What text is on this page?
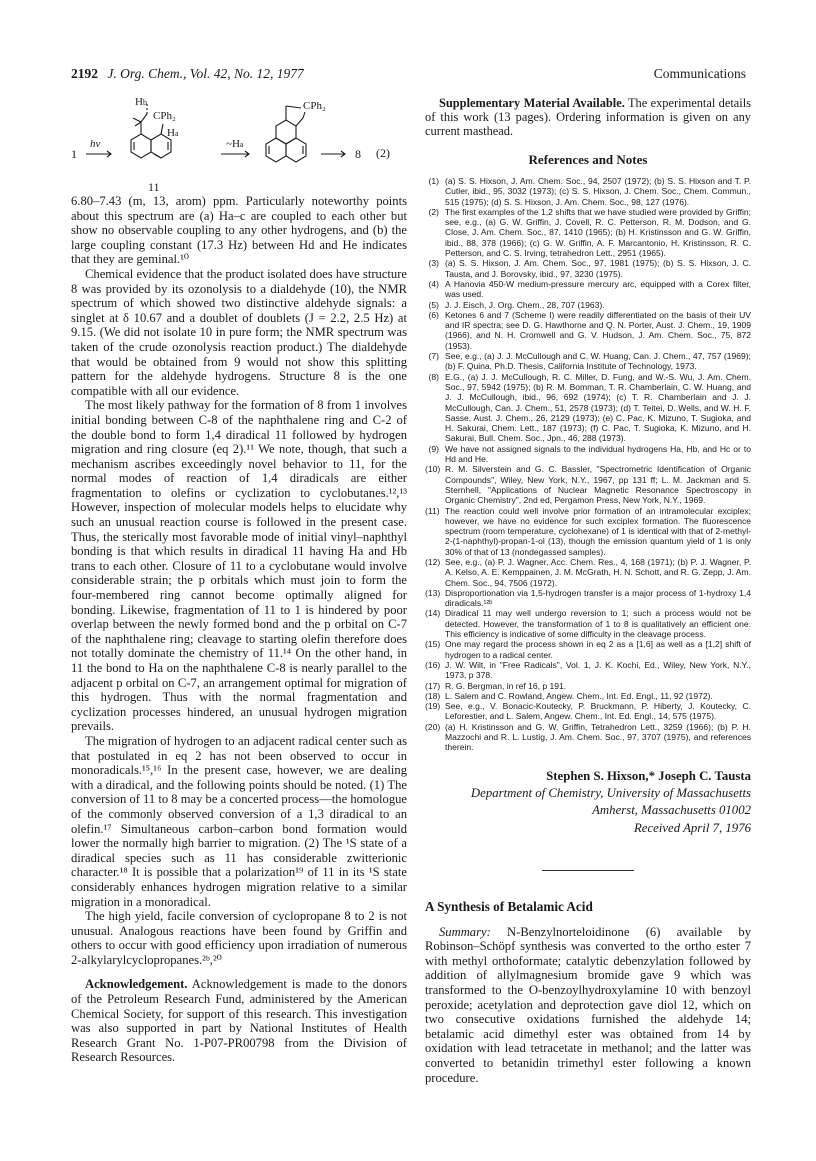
2192 J. Org. Chem., Vol. 42, No. 12, 1977	Communications
1
hν
Hb
CPh₂
Ha
~Ha
CPh₂
8 (2)
11

6.80–7.43 (m, 13, arom) ppm. Particularly noteworthy points about this spectrum are (a) Ha–c are coupled to each other but show no observable coupling to any other hydrogens, and (b) the large coupling constant (17.3 Hz) between Hd and He indicates that they are geminal.¹⁰

Chemical evidence that the product isolated does have structure 8 was provided by its ozonolysis to a dialdehyde (10), the NMR spectrum of which showed two distinctive aldehyde signals: a singlet at δ 10.67 and a doublet of doublets (J = 2.2, 2.5 Hz) at 9.15. (We did not isolate 10 in pure form; the NMR spectrum was taken of the crude ozonolysis reaction product.) The dialdehyde that would be obtained from 9 would not show this splitting pattern for the aldehyde hydrogens. Structure 8 is the one compatible with all our evidence.

The most likely pathway for the formation of 8 from 1 involves initial bonding between C-8 of the naphthalene ring and C-2 of the double bond to form 1,4 diradical 11 followed by hydrogen migration and ring closure (eq 2).¹¹ We note, though, that such a mechanism ascribes exceedingly novel behavior to 11, for the normal modes of reaction of 1,4 diradicals are either fragmentation to olefins or cyclization to cyclobutanes.¹²,¹³ However, inspection of molecular models helps to elucidate why such an unusual reaction course is followed in the present case. Thus, the sterically most favorable mode of initial vinyl–naphthyl bonding is that which results in diradical 11 having Ha and Hb trans to each other. Closure of 11 to a cyclobutane would involve considerable strain; the p orbitals which must join to form the four-membered ring cannot become optimally aligned for bonding. Likewise, fragmentation of 11 to 1 is hindered by poor overlap between the newly formed bond and the p orbital on C-7 of the naphthalene ring; cleavage to starting olefin therefore does not totally dominate the chemistry of 11.¹⁴ On the other hand, in 11 the bond to Ha on the naphthalene C-8 is nearly parallel to the adjacent p orbital on C-7, an arrangement optimal for migration of this hydrogen. Thus with the normal fragmentation and cyclization processes hindered, an unusual hydrogen migration prevails.

The migration of hydrogen to an adjacent radical center such as that postulated in eq 2 has not been observed to occur in monoradicals.¹⁵,¹⁶ In the present case, however, we are dealing with a diradical, and the following points should be noted. (1) The conversion of 11 to 8 may be a concerted process—the homologue of the commonly observed conversion of a 1,3 diradical to an olefin.¹⁷ Simultaneous carbon–carbon bond formation would lower the normally high barrier to migration. (2) The ¹S state of a diradical species such as 11 has considerable zwitterionic character.¹⁸ It is possible that a polarization¹⁹ of 11 in its ¹S state considerably enhances hydrogen migration relative to a similar migration in a monoradical.

The high yield, facile conversion of cyclopropane 8 to 2 is not unusual. Analogous reactions have been found by Griffin and others to occur with good efficiency upon irradiation of numerous 2-alkylarylcyclopropanes.²ᵇ,²⁰

Acknowledgement. Acknowledgement is made to the donors of the Petroleum Research Fund, administered by the American Chemical Society, for support of this research. This investigation was also supported in part by National Institutes of Health Research Grant No. 1-P07-PR00798 from the Division of Research Resources.

Supplementary Material Available. The experimental details of this work (13 pages). Ordering information is given on any current masthead.

References and Notes
(1) (a) S. S. Hixson, J. Am. Chem. Soc., 94, 2507 (1972); (b) S. S. Hixson and T. P. Cutler, ibid., 95, 3032 (1973); (c) S. S. Hixson, J. Chem. Soc., Chem. Commun., 515 (1975); (d) S. S. Hixson, J. Am. Chem. Soc., 98, 127 (1976).
(2) The first examples of the 1,2 shifts that we have studied were provided by Griffin; see, e.g., (a) G. W. Griffin, J. Covell, R. C. Petterson, R. M. Dodson, and G. Close, J. Am. Chem. Soc., 87, 1410 (1965); (b) H. Kristinsson and G. W. Griffin, ibid., 88, 378 (1966); (c) G. W. Griffin, A. F. Marcantonio, H. Kristinsson, R. C. Petterson, and C. S. Irving, tetrahedron Lett., 2951 (1965).
(3) (a) S. S. Hixson, J. Am. Chem. Soc., 97, 1981 (1975); (b) S. S. Hixson, J. C. Tausta, and J. Borovsky, ibid., 97, 3230 (1975).
(4) A Hanovia 450-W medium-pressure mercury arc, equipped with a Corex filter, was used.
(5) J. J. Eisch, J. Org. Chem., 28, 707 (1963).
(6) Ketones 6 and 7 (Scheme I) were readily differentiated on the basis of their UV and IR spectra; see D. G. Hawthorne and Q. N. Porter, Aust. J. Chem., 19, 1909 (1966), and N. H. Cromwell and G. V. Hudson, J. Am. Chem. Soc., 75, 872 (1953).
(7) See, e.g., (a) J. J. McCullough and C. W. Huang, Can. J. Chem., 47, 757 (1969); (b) F. Quina, Ph.D. Thesis, California Institute of Technology, 1973.
(8) E.G., (a) J. J. McCullough, R. C. Miller, D. Fung, and W.-S. Wu, J. Am. Chem. Soc., 97, 5942 (1975); (b) R. M. Bomman, T. R. Chamberlain, C. W. Huang, and J. J. McCullough, ibid., 96, 692 (1974); (c) T. R. Chamberlain and J. J. McCullough, Can. J. Chem., 51, 2578 (1973); (d) T. Teitei, D. Wells, and W. H. F. Sasse, Aust. J. Chem., 26, 2129 (1973); (e) C. Pac, K. Mizuno, T. Sugioka, and H. Sakurai, Chem. Lett., 187 (1973); (f) C. Pac, T. Sugioka, K. Mizuno, and H. Sakurai, Bull. Chem. Soc., Jpn., 46, 288 (1973).
(9) We have not assigned signals to the individual hydrogens Ha, Hb, and Hc or to Hd and He.
(10) R. M. Silverstein and G. C. Bassler, "Spectrometric Identification of Organic Compounds", Wiley, New York, N.Y., 1967, pp 131 ff; L. M. Jackman and S. Sternhell, "Applications of Nuclear Magnetic Resonance Spectroscopy in Organic Chemistry", 2nd ed, Pergamon Press, New York, N.Y., 1969.
(11) The reaction could well involve prior formation of an intramolecular exciplex; however, we have no evidence for such exciplex formation. The fluorescence spectrum (room temperature, cyclohexane) of 1 is identical with that of 2-methyl-2-(1-naphthyl)-propan-1-ol (13), though the emission quantum yield of 1 is only 30% of that of 13 (nondegassed samples).
(12) See, e.g., (a) P. J. Wagner, Acc. Chem. Res., 4, 168 (1971); (b) P. J. Wagner, P. A. Kelso, A. E. Kemppainen, J. M. McGrath, H. N. Schott, and R. G. Zepp, J. Am. Chem. Soc., 94, 7506 (1972).
(13) Disproportionation via 1,5-hydrogen transfer is a major process of 1-hydroxy 1,4 diradicals.¹²ᵇ
(14) Diradical 11 may well undergo reversion to 1; such a process would not be detected. However, the transformation of 1 to 8 is qualitatively an efficient one. This efficiency is indicative of some difficulty in the cleavage process.
(15) One may regard the process shown in eq 2 as a [1,6] as well as a [1,2] shift of hydrogen to a radical center.
(16) J. W. Wilt, in "Free Radicals", Vol. 1, J. K. Kochi, Ed., Wiley, New York, N.Y., 1973, p 378.
(17) R. G. Bergman, in ref 16, p 191.
(18) L. Salem and C. Rowland, Angew. Chem., Int. Ed. Engl., 11, 92 (1972).
(19) See, e.g., V. Bonacic-Koutecky, P. Bruckmann, P. Hiberty, J. Koutecky, C. Leforestier, and L. Salem, Angew. Chem., Int. Ed. Engl., 14, 575 (1975).
(20) (a) H. Kristinsson and G. W. Griffin, Tetrahedron Lett., 3259 (1966); (b) P. H. Mazzochi and R. L. Lustig, J. Am. Chem. Soc., 97, 3707 (1975), and references therein.
Stephen S. Hixson,* Joseph C. Tausta
Department of Chemistry, University of Massachusetts
Amherst, Massachusetts 01002
Received April 7, 1976
A Synthesis of Betalamic Acid

Summary: N-Benzylnorteloidinone (6) available by Robinson–Schöpf synthesis was converted to the ortho ester 7 with methyl orthoformate; catalytic debenzylation followed by addition of allylmagnesium bromide gave 9 which was transformed to the O-benzoylhydroxylamine 10 with benzoyl peroxide; acetylation and deprotection gave diol 12, which on two consecutive oxidations furnished the aldehyde 14; betalamic acid dimethyl ester was obtained from 14 by oxidation with lead tetracetate in methanol; and the latter was converted to betanidin trimethyl ester following a known procedure.
